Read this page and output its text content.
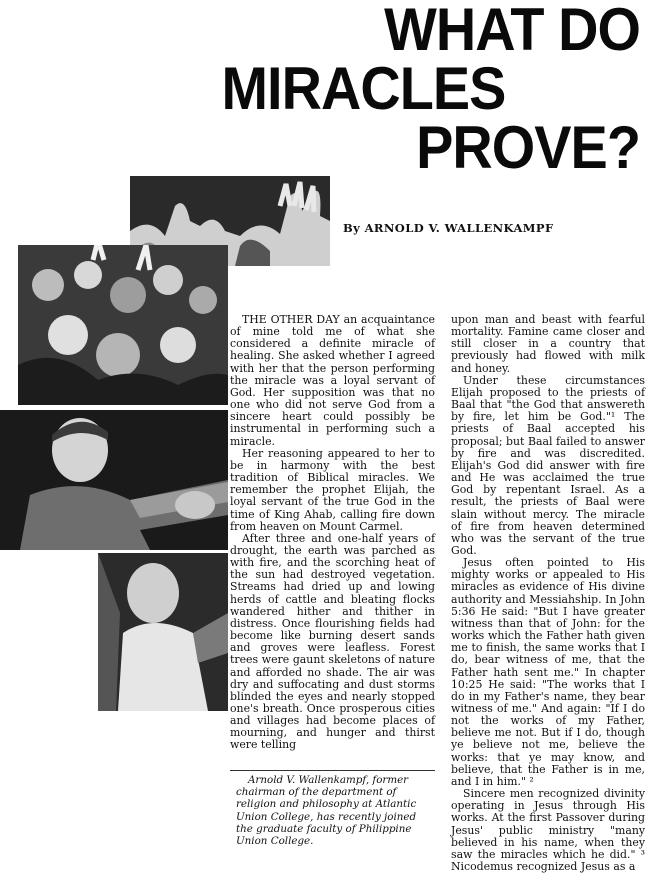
WHAT DO
MIRACLES
PROVE?

By ARNOLD V. WALLENKAMPF

THE OTHER DAY an acquaintance of mine told me of what she considered a definite miracle of healing. She asked whether I agreed with her that the person performing the miracle was a loyal servant of God. Her supposition was that no one who did not serve God from a sincere heart could possibly be instrumental in performing such a miracle.

Her reasoning appeared to her to be in harmony with the best tradition of Biblical miracles. We remember the prophet Elijah, the loyal servant of the true God in the time of King Ahab, calling fire down from heaven on Mount Carmel.

After three and one-half years of drought, the earth was parched as with fire, and the scorching heat of the sun had destroyed vegetation. Streams had dried up and lowing herds of cattle and bleating flocks wandered hither and thither in distress. Once flourishing fields had become like burning desert sands and groves were leafless. Forest trees were gaunt skeletons of nature and afforded no shade. The air was dry and suffocating and dust storms blinded the eyes and nearly stopped one's breath. Once prosperous cities and villages had become places of mourning, and hunger and thirst were telling

Arnold V. Wallenkampf, former chairman of the department of religion and philosophy at Atlantic Union College, has recently joined the graduate faculty of Philippine Union College.

upon man and beast with fearful mortality. Famine came closer and still closer in a country that previously had flowed with milk and honey.

Under these circumstances Elijah proposed to the priests of Baal that "the God that answereth by fire, let him be God."¹ The priests of Baal accepted his proposal; but Baal failed to answer by fire and was discredited. Elijah's God did answer with fire and He was acclaimed the true God by repentant Israel. As a result, the priests of Baal were slain without mercy. The miracle of fire from heaven determined who was the servant of the true God.

Jesus often pointed to His mighty works or appealed to His miracles as evidence of His divine authority and Messiahship. In John 5:36 He said: "But I have greater witness than that of John: for the works which the Father hath given me to finish, the same works that I do, bear witness of me, that the Father hath sent me." In chapter 10:25 He said: "The works that I do in my Father's name, they bear witness of me." And again: "If I do not the works of my Father, believe me not. But if I do, though ye believe not me, believe the works: that ye may know, and believe, that the Father is in me, and I in him." ²

Sincere men recognized divinity operating in Jesus through His works. At the first Passover during Jesus' public ministry "many believed in his name, when they saw the miracles which he did." ³ Nicodemus recognized Jesus as a
